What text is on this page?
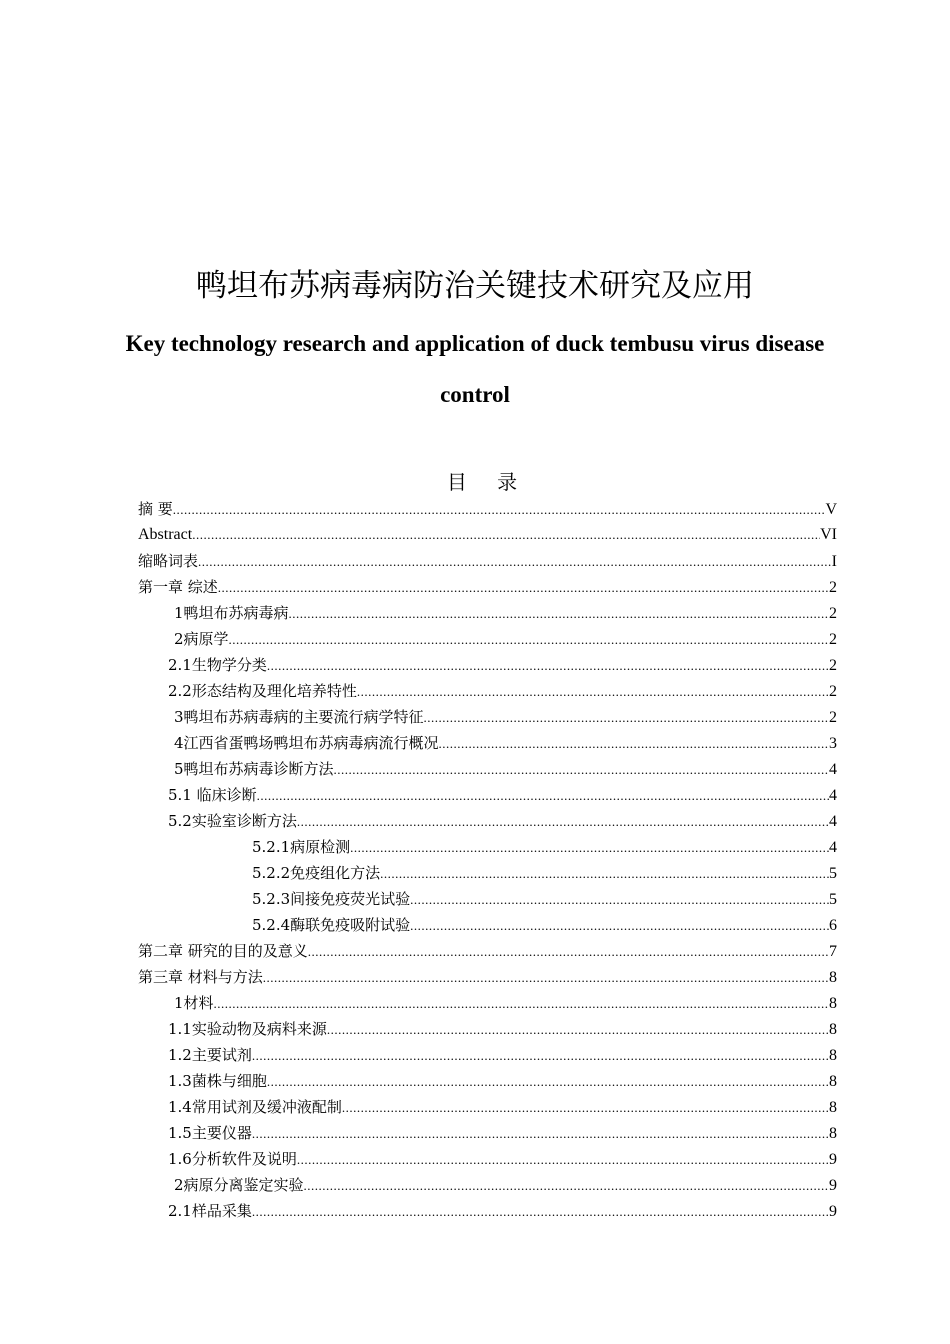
鸭坦布苏病毒病防治关键技术研究及应用
Key technology research and application of duck tembusu virus disease control
目 录
摘 要 .....	V
Abstract .....	VI
缩略词表 .....	I
第一章 综述 .....	2
1鸭坦布苏病毒病 .....	2
2病原学 .....	2
2.1生物学分类 .....	2
2.2形态结构及理化培养特性 .....	2
3鸭坦布苏病毒病的主要流行病学特征 .....	2
4江西省蛋鸭场鸭坦布苏病毒病流行概况 .....	3
5鸭坦布苏病毒诊断方法 .....	4
5.1 临床诊断 .....	4
5.2实验室诊断方法 .....	4
5.2.1病原检测 .....	4
5.2.2免疫组化方法 .....	5
5.2.3间接免疫荧光试验 .....	5
5.2.4酶联免疫吸附试验 .....	6
第二章 研究的目的及意义 .....	7
第三章 材料与方法 .....	8
1材料 .....	8
1.1实验动物及病料来源 .....	8
1.2主要试剂 .....	8
1.3菌株与细胞 .....	8
1.4常用试剂及缓冲液配制 .....	8
1.5主要仪器 .....	8
1.6分析软件及说明 .....	9
2病原分离鉴定实验 .....	9
2.1样品采集 .....	9
